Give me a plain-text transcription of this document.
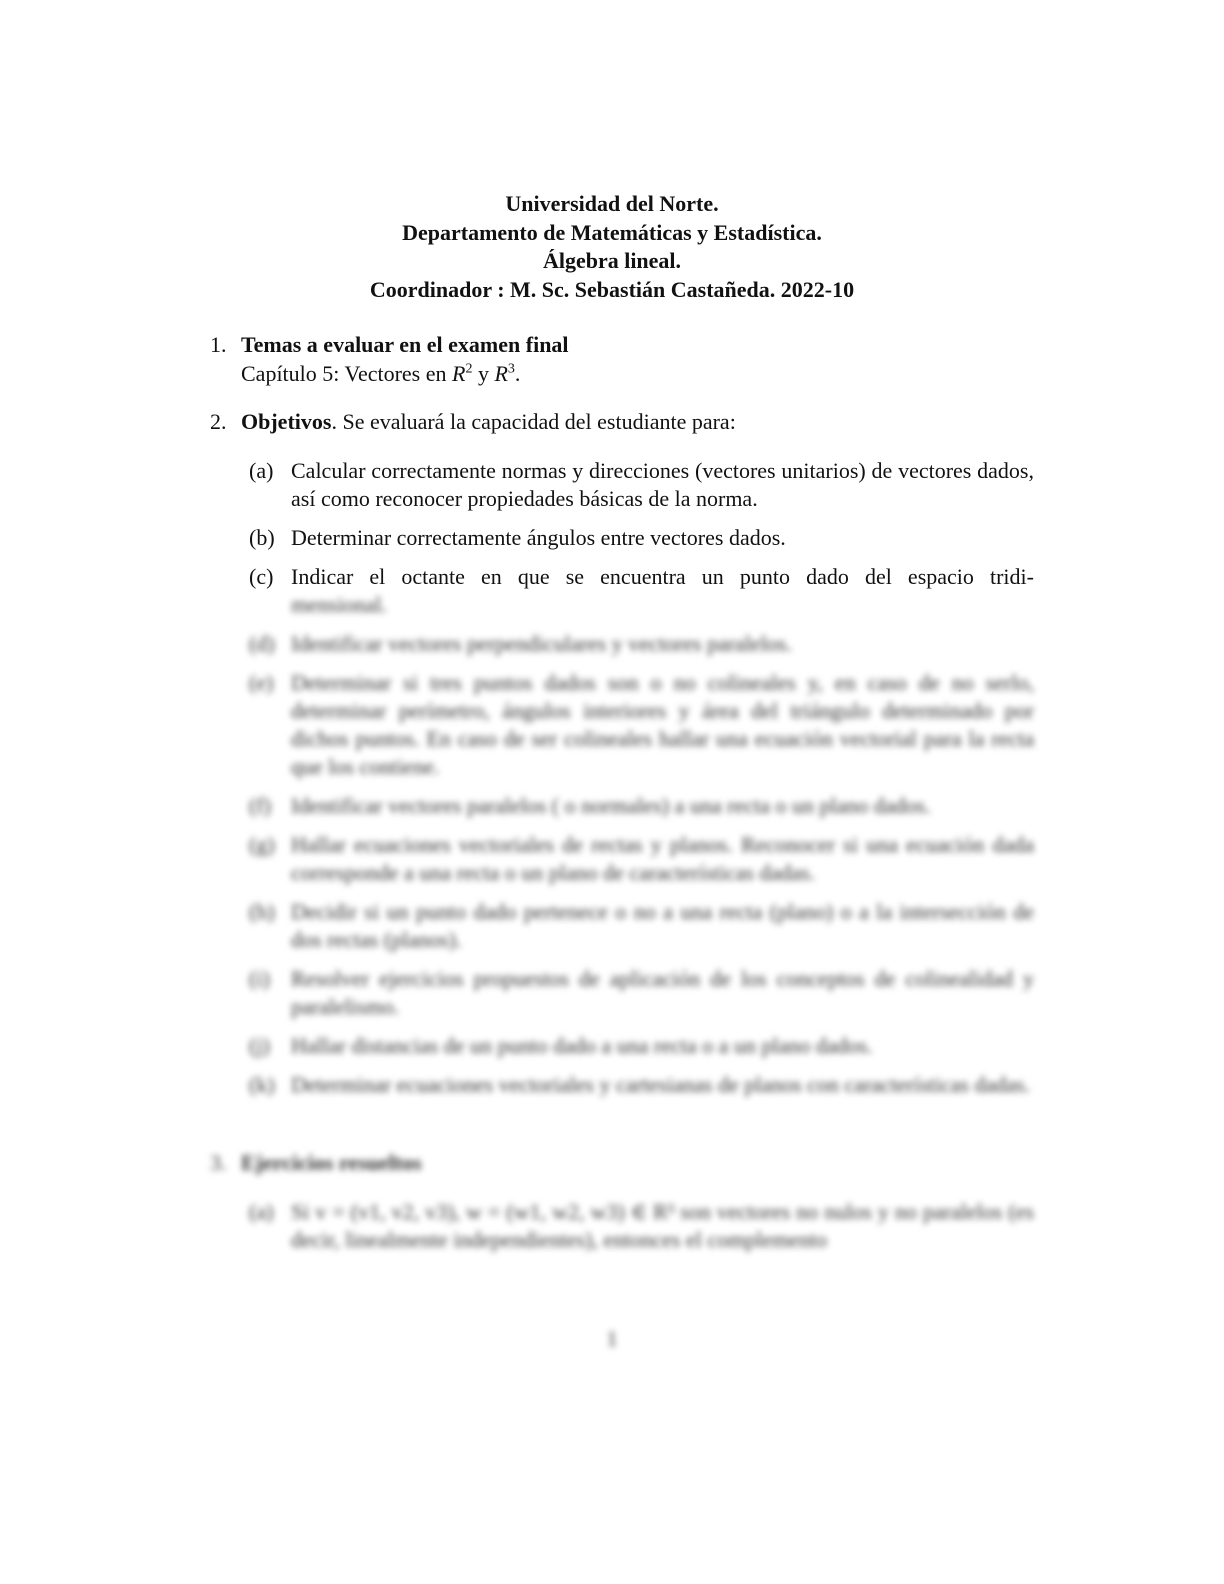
Universidad del Norte.
Departamento de Matemáticas y Estadística.
Álgebra lineal.
Coordinador : M. Sc. Sebastián Castañeda. 2022-10
1. Temas a evaluar en el examen final
Capítulo 5: Vectores en $R^2$ y $R^3$.
2. Objetivos. Se evaluará la capacidad del estudiante para:
(a) Calcular correctamente normas y direcciones (vectores unitarios) de vectores dados, así como reconocer propiedades básicas de la norma.
(b) Determinar correctamente ángulos entre vectores dados.
(c) Indicar el octante en que se encuentra un punto dado del espacio tridi-
mensional.
(d) Identificar vectores perpendiculares y vectores paralelos.
(e) Determinar si tres puntos dados son o no colineales y, en caso de no serlo, determinar perímetro, ángulos interiores y área del triángulo determinado por dichos puntos. En caso de ser colineales hallar una ecuación vectorial para la recta que los contiene.
(f) Identificar vectores paralelos ( o normales) a una recta o un plano dados.
(g) Hallar ecuaciones vectoriales de rectas y planos. Reconocer si una ecuación dada corresponde a una recta o un plano de características dadas.
(h) Decidir si un punto dado pertenece o no a una recta (plano) o a la intersección de dos rectas (planos).
(i) Resolver ejercicios propuestos de aplicación de los conceptos de colinealidad y paralelismo.
(j) Hallar distancias de un punto dado a una recta o a un plano dados.
(k) Determinar ecuaciones vectoriales y cartesianas de planos con características dadas.
3. Ejercicios resueltos
(a) Si v = (v1, v2, v3), w = (w1, w2, w3) ∈ R³ son vectores no nulos y no paralelos (es decir, linealmente independientes), entonces el complemento
1
